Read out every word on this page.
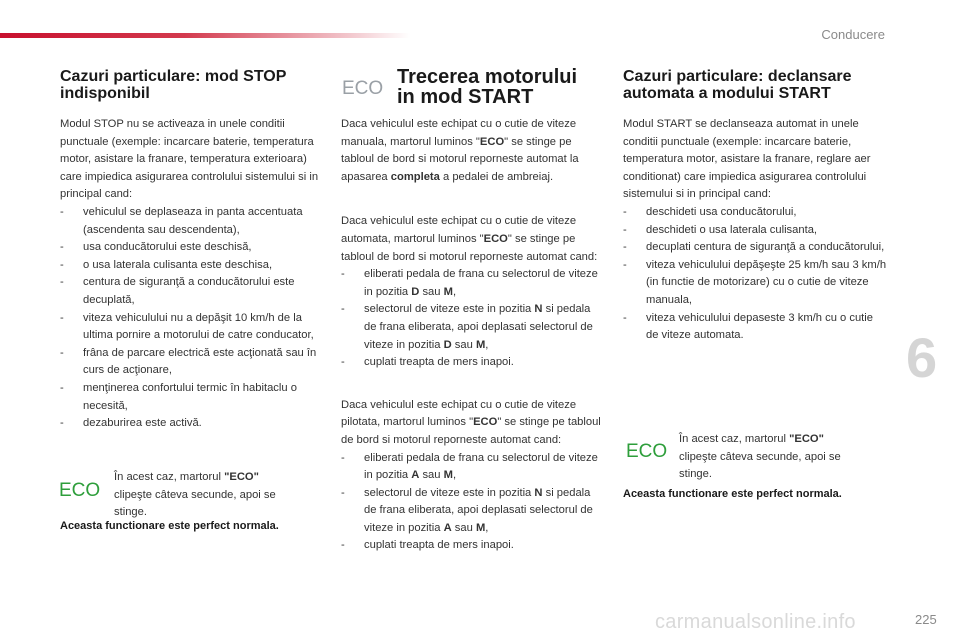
Conducere
Cazuri particulare: mod STOP indisponibil

Modul STOP nu se activeaza in unele conditii punctuale (exemple: incarcare baterie, temperatura motor, asistare la franare, temperatura exterioara) care impiedica asigurarea controlului sistemului si in principal cand:

- vehiculul se deplaseaza in panta accentuata (ascendenta sau descendenta),
- usa conducătorului este deschisă,
- o usa laterala culisanta este deschisa,
- centura de siguranţă a conducătorului este decuplată,
- viteza vehiculului nu a depăşit 10 km/h de la ultima pornire a motorului de catre conducator,
- frâna de parcare electrică este acţionată sau în curs de acţionare,
- menţinerea confortului termic în habitaclu o necesită,
- dezaburirea este activă.
ECO
În acest caz, martorul "ECO" clipeşte câteva secunde, apoi se stinge.
Aceasta functionare este perfect normala.
ECO
Trecerea motorului
in mod START

Daca vehiculul este echipat cu o cutie de viteze manuala, martorul luminos "ECO" se stinge pe tabloul de bord si motorul reporneste automat la apasarea completa a pedalei de ambreiaj.

Daca vehiculul este echipat cu o cutie de viteze automata, martorul luminos "ECO" se stinge pe tabloul de bord si motorul reporneste automat cand:

- eliberati pedala de frana cu selectorul de viteze in pozitia D sau M,
- selectorul de viteze este in pozitia N si pedala de frana eliberata, apoi deplasati selectorul de viteze in pozitia D sau M,
- cuplati treapta de mers inapoi.

Daca vehiculul este echipat cu o cutie de viteze pilotata, martorul luminos "ECO" se stinge pe tabloul de bord si motorul reporneste automat cand:

- eliberati pedala de frana cu selectorul de viteze in pozitia A sau M,
- selectorul de viteze este in pozitia N si pedala de frana eliberata, apoi deplasati selectorul de viteze in pozitia A sau M,
- cuplati treapta de mers inapoi.
Cazuri particulare: declansare automata a modului START

Modul START se declanseaza automat in unele conditii punctuale (exemple: incarcare baterie, temperatura motor, asistare la franare, reglare aer conditionat) care impiedica asigurarea controlului sistemului si in principal cand:

- deschideti usa conducătorului,
- deschideti o usa laterala culisanta,
- decuplati centura de siguranţă a conducătorului,
- viteza vehiculului depăşeşte 25 km/h sau 3 km/h (in functie de motorizare) cu o cutie de viteze manuala,
- viteza vehiculului depaseste 3 km/h cu o cutie de viteze automata.
ECO
În acest caz, martorul "ECO" clipeşte câteva secunde, apoi se stinge.
Aceasta functionare este perfect normala.
6
carmanualsonline.info	225
